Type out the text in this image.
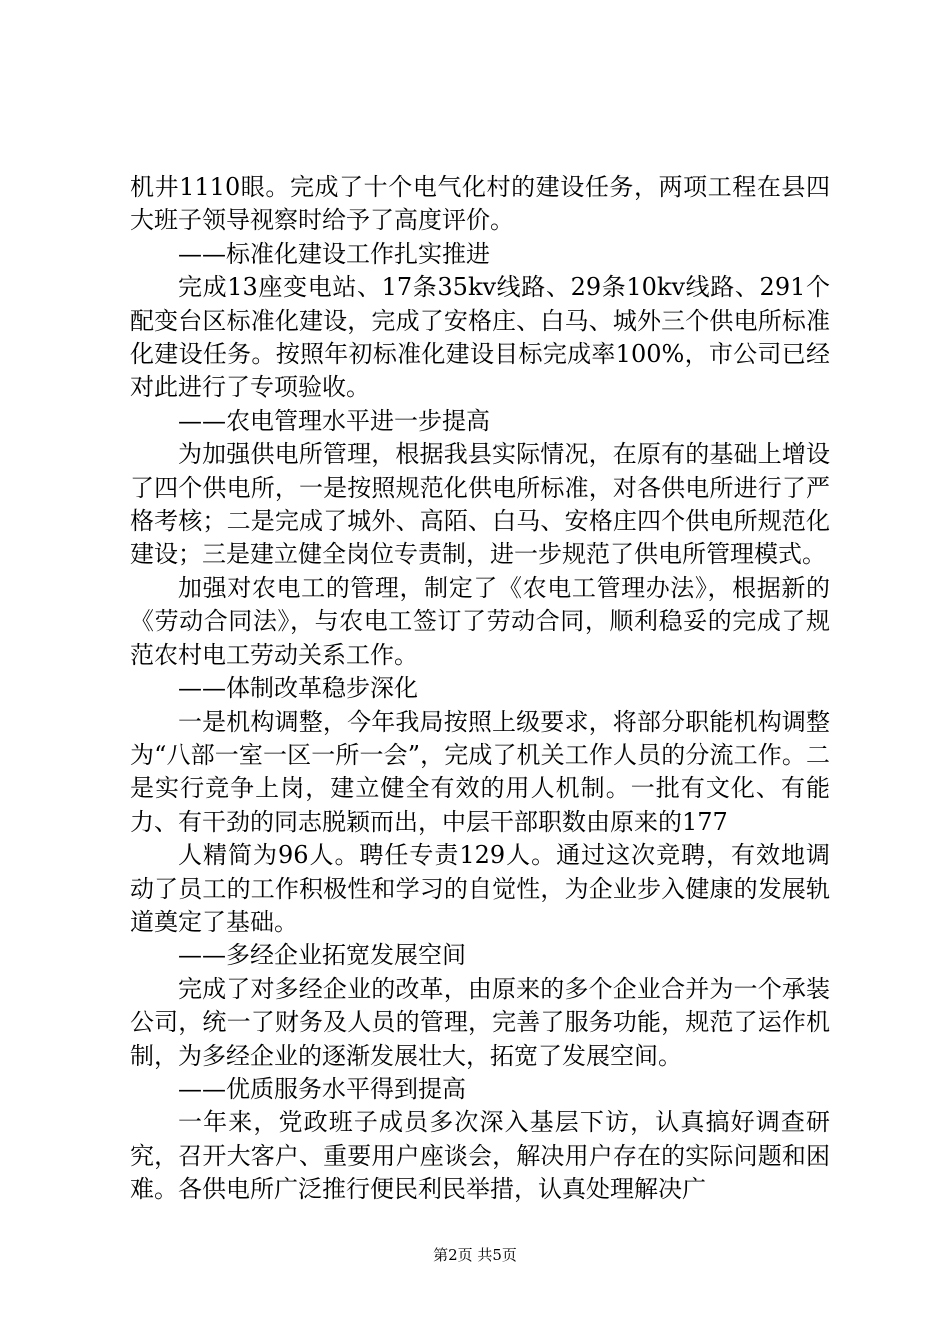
机井1110眼。完成了十个电气化村的建设任务，两项工程在县四大班子领导视察时给予了高度评价。

——标准化建设工作扎实推进

完成13座变电站、17条35kv线路、29条10kv线路、291个配变台区标准化建设，完成了安格庄、白马、城外三个供电所标准化建设任务。按照年初标准化建设目标完成率100%，市公司已经对此进行了专项验收。

——农电管理水平进一步提高

为加强供电所管理，根据我县实际情况，在原有的基础上增设了四个供电所，一是按照规范化供电所标准，对各供电所进行了严格考核；二是完成了城外、高陌、白马、安格庄四个供电所规范化建设；三是建立健全岗位专责制，进一步规范了供电所管理模式。

加强对农电工的管理，制定了《农电工管理办法》，根据新的《劳动合同法》，与农电工签订了劳动合同，顺利稳妥的完成了规范农村电工劳动关系工作。

——体制改革稳步深化

一是机构调整，今年我局按照上级要求，将部分职能机构调整为“八部一室一区一所一会”，完成了机关工作人员的分流工作。二是实行竞争上岗，建立健全有效的用人机制。一批有文化、有能力、有干劲的同志脱颖而出，中层干部职数由原来的177

人精简为96人。聘任专责129人。通过这次竞聘，有效地调动了员工的工作积极性和学习的自觉性，为企业步入健康的发展轨道奠定了基础。

——多经企业拓宽发展空间

完成了对多经企业的改革，由原来的多个企业合并为一个承装公司，统一了财务及人员的管理，完善了服务功能，规范了运作机制，为多经企业的逐渐发展壮大，拓宽了发展空间。

——优质服务水平得到提高

一年来，党政班子成员多次深入基层下访，认真搞好调查研究，召开大客户、重要用户座谈会，解决用户存在的实际问题和困难。各供电所广泛推行便民利民举措，认真处理解决广

第2页 共5页
